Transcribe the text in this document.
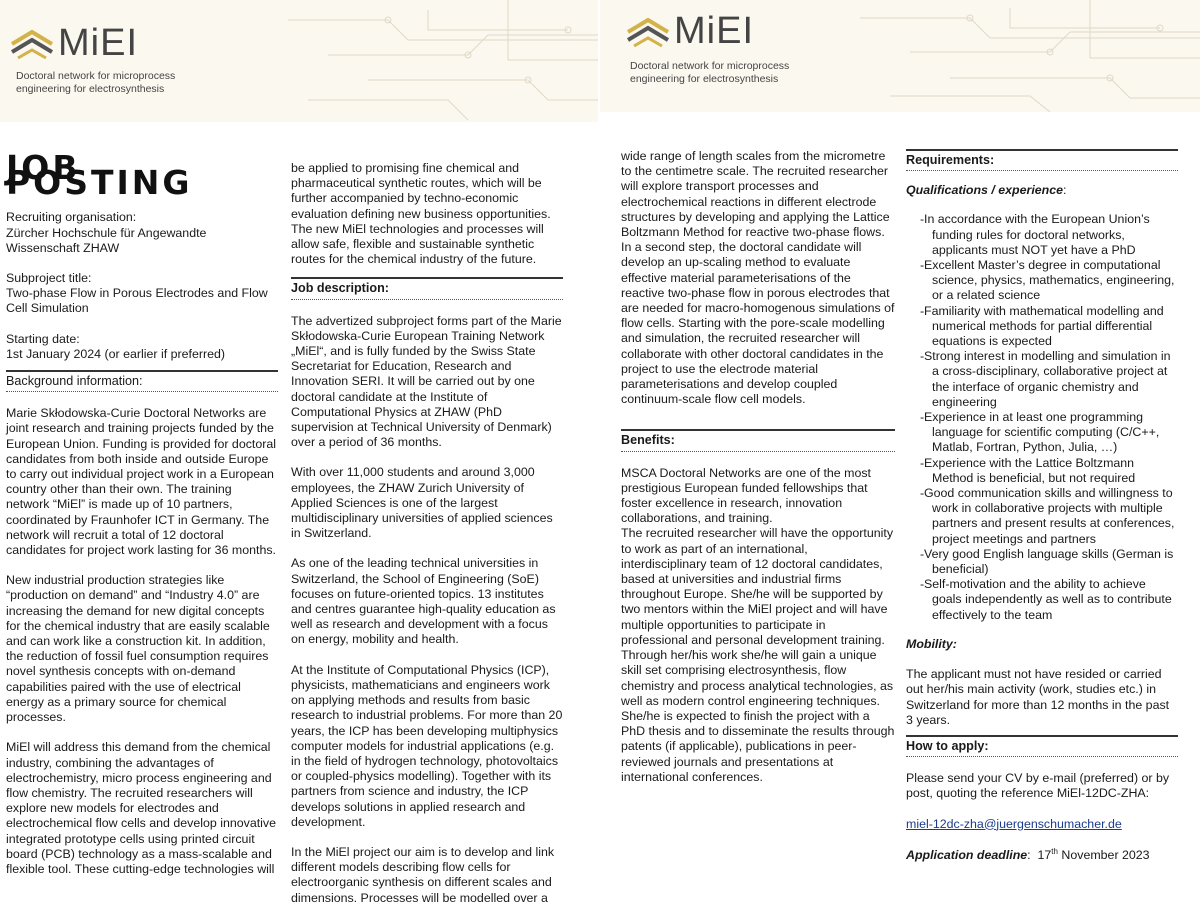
MiEI
Doctoral network for microprocess
engineering for electrosynthesis
MiEI
Doctoral network for microprocess
engineering for electrosynthesis
JOB POSTING
Recruiting organisation:
Zürcher Hochschule für Angewandte
Wissenschaft ZHAW
Subproject title:
Two-phase Flow in Porous Electrodes and Flow
Cell Simulation
Starting date:
1st January 2024 (or earlier if preferred)
Background information:

Marie Skłodowska-Curie Doctoral Networks are joint research and training projects funded by the European Union. Funding is provided for doctoral candidates from both inside and outside Europe to carry out individual project work in a European country other than their own. The training network “MiEl” is made up of 10 partners, coordinated by Fraunhofer ICT in Germany. The network will recruit a total of 12 doctoral candidates for project work lasting for 36 months.

New industrial production strategies like “production on demand” and “Industry 4.0” are increasing the demand for new digital concepts for the chemical industry that are easily scalable and can work like a construction kit. In addition, the reduction of fossil fuel consumption requires novel synthesis concepts with on-demand capabilities paired with the use of electrical energy as a primary source for chemical processes.

MiEl will address this demand from the chemical industry, combining the advantages of electrochemistry, micro process engineering and flow chemistry. The recruited researchers will explore new models for electrodes and electrochemical flow cells and develop innovative integrated prototype cells using printed circuit board (PCB) technology as a mass-scalable and flexible tool. These cutting-edge technologies will

be applied to promising fine chemical and pharmaceutical synthetic routes, which will be further accompanied by techno-economic evaluation defining new business opportunities. The new MiEl technologies and processes will allow safe, flexible and sustainable synthetic routes for the chemical industry of the future.

Job description:

The advertized subproject forms part of the Marie Skłodowska-Curie European Training Network „MiEl“, and is fully funded by the Swiss State Secretariat for Education, Research and Innovation SERI. It will be carried out by one doctoral candidate at the Institute of Computational Physics at ZHAW (PhD supervision at Technical University of Denmark) over a period of 36 months.

With over 11,000 students and around 3,000 employees, the ZHAW Zurich University of Applied Sciences is one of the largest multidisciplinary universities of applied sciences in Switzerland.

As one of the leading technical universities in Switzerland, the School of Engineering (SoE) focuses on future-oriented topics. 13 institutes and centres guarantee high-quality education as well as research and development with a focus on energy, mobility and health.

At the Institute of Computational Physics (ICP), physicists, mathematicians and engineers work on applying methods and results from basic research to industrial problems. For more than 20 years, the ICP has been developing multiphysics computer models for industrial applications (e.g. in the field of hydrogen technology, photovoltaics or coupled-physics modelling). Together with its partners from science and industry, the ICP develops solutions in applied research and development.

In the MiEl project our aim is to develop and link different models describing flow cells for electroorganic synthesis on different scales and dimensions. Processes will be modelled over a

wide range of length scales from the micrometre to the centimetre scale. The recruited researcher will explore transport processes and electrochemical reactions in different electrode structures by developing and applying the Lattice Boltzmann Method for reactive two-phase flows. In a second step, the doctoral candidate will develop an up-scaling method to evaluate effective material parameterisations of the reactive two-phase flow in porous electrodes that are needed for macro-homogenous simulations of flow cells. Starting with the pore-scale modelling and simulation, the recruited researcher will collaborate with other doctoral candidates in the project to use the electrode material parameterisations and develop coupled continuum-scale flow cell models.

Benefits:

MSCA Doctoral Networks are one of the most prestigious European funded fellowships that foster excellence in research, innovation collaborations, and training.

The recruited researcher will have the opportunity to work as part of an international, interdisciplinary team of 12 doctoral candidates, based at universities and industrial firms throughout Europe. She/he will be supported by two mentors within the MiEl project and will have multiple opportunities to participate in professional and personal development training. Through her/his work she/he will gain a unique skill set comprising electrosynthesis, flow chemistry and process analytical technologies, as well as modern control engineering techniques. She/he is expected to finish the project with a PhD thesis and to disseminate the results through patents (if applicable), publications in peer-reviewed journals and presentations at international conferences.

Requirements:
Qualifications / experience:
- In accordance with the European Union’s funding rules for doctoral networks, applicants must NOT yet have a PhD
- Excellent Master’s degree in computational science, physics, mathematics, engineering, or a related science
- Familiarity with mathematical modelling and numerical methods for partial differential equations is expected
- Strong interest in modelling and simulation in a cross-disciplinary, collaborative project at the interface of organic chemistry and engineering
- Experience in at least one programming language for scientific computing (C/C++, Matlab, Fortran, Python, Julia, …)
- Experience with the Lattice Boltzmann Method is beneficial, but not required
- Good communication skills and willingness to work in collaborative projects with multiple partners and present results at conferences, project meetings and partners
- Very good English language skills (German is beneficial)
- Self-motivation and the ability to achieve goals independently as well as to contribute effectively to the team
Mobility:

The applicant must not have resided or carried out her/his main activity (work, studies etc.) in Switzerland for more than 12 months in the past 3 years.

How to apply:

Please send your CV by e-mail (preferred) or by post, quoting the reference MiEl-12DC-ZHA:

miel-12dc-zha@juergenschumacher.de

Application deadline:  17th November 2023
